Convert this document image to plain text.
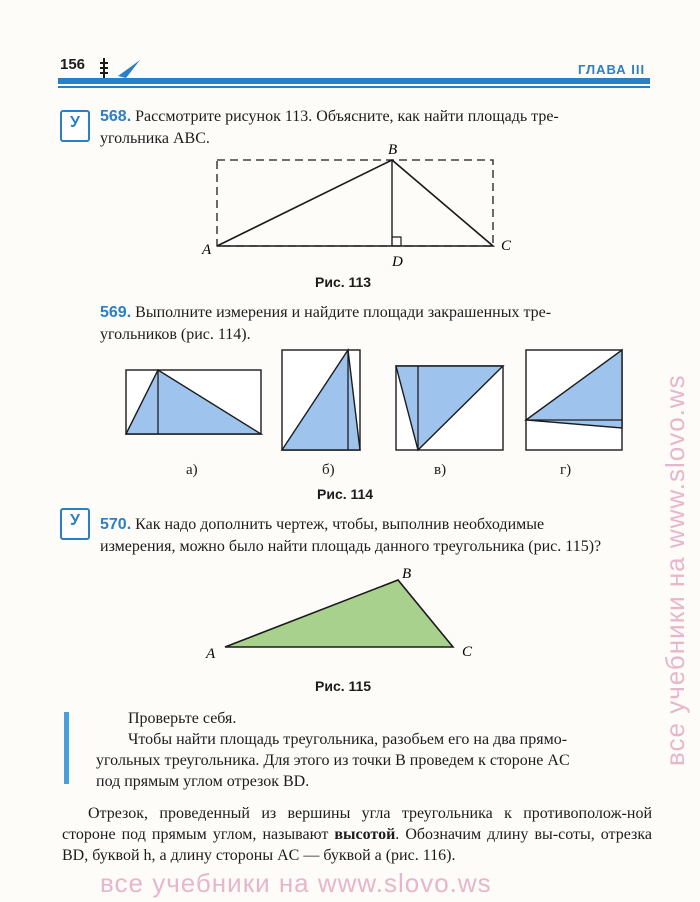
156	ГЛАВА III
У	568. Рассмотрите рисунок 113. Объясните, как найти площадь тре-
угольника ABC.
A
B
C
D
Рис. 113
569. Выполните измерения и найдите площади закрашенных тре-
угольников (рис. 114).
а)	б)	в)	г)
Рис. 114
У	570. Как надо дополнить чертеж, чтобы, выполнив необходимые
измерения, можно было найти площадь данного треугольника (рис. 115)?
A
B
C
Рис. 115
Проверьте себя.
Чтобы найти площадь треугольника, разобьем его на два прямо-
угольных треугольника. Для этого из точки B проведем к стороне AC
под прямым углом отрезок BD.
Отрезок, проведенный из вершины угла треугольника к противополож-ной стороне под прямым углом, называют высотой. Обозначим длину вы-соты, отрезка BD, буквой h, а длину стороны AC — буквой a (рис. 116).
все учебники на www.slovo.ws
все учебники на www.slovo.ws
